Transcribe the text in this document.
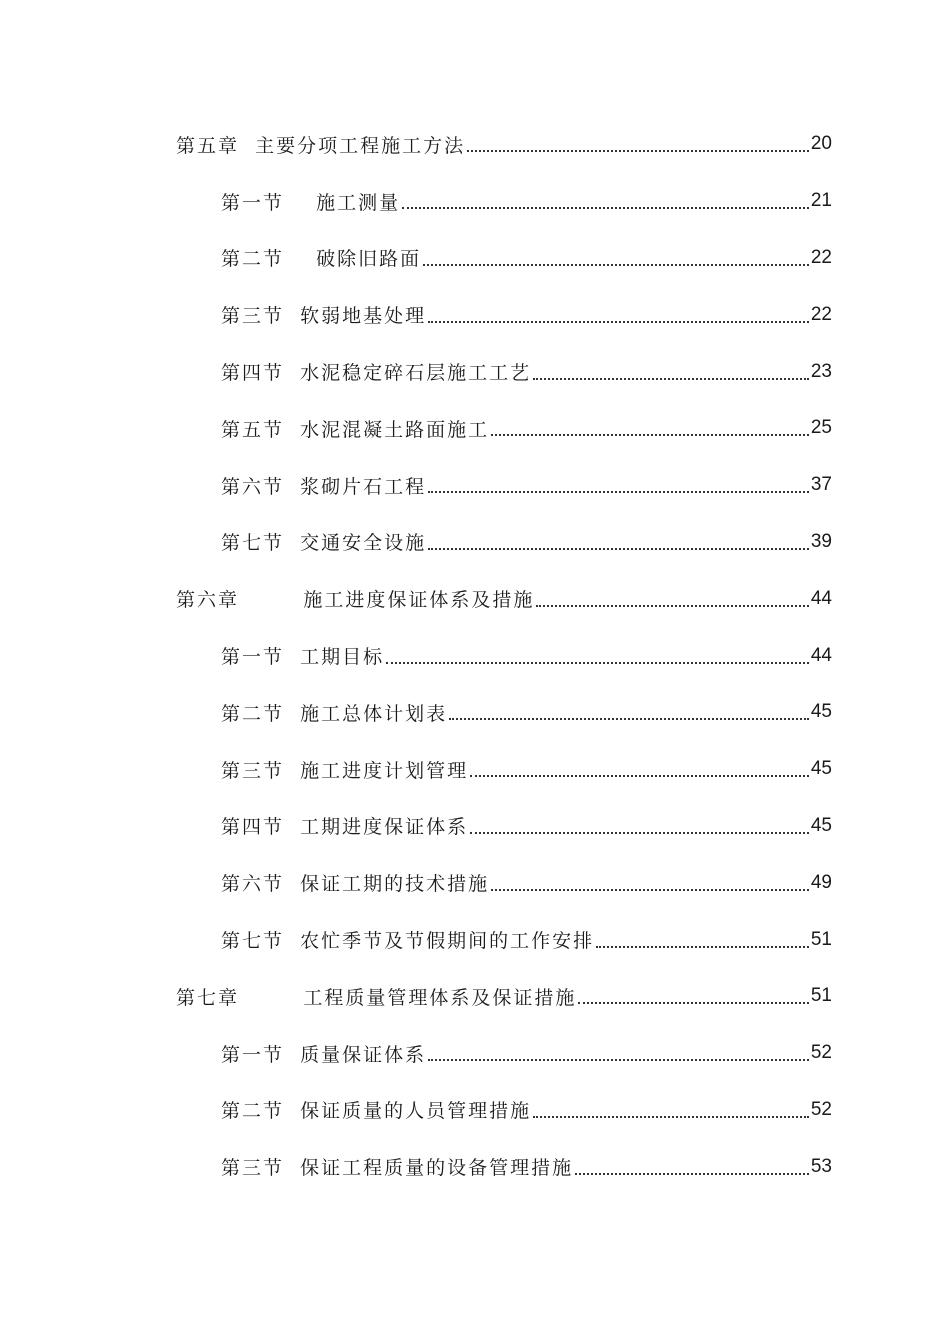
第五章  主要分项工程施工方法	20
第一节    施工测量	21
第二节    破除旧路面	22
第三节  软弱地基处理	22
第四节  水泥稳定碎石层施工工艺	23
第五节  水泥混凝土路面施工	25
第六节  浆砌片石工程	37
第七节  交通安全设施	39
第六章        施工进度保证体系及措施	44
第一节  工期目标	44
第二节  施工总体计划表	45
第三节  施工进度计划管理	45
第四节  工期进度保证体系	45
第六节  保证工期的技术措施	49
第七节  农忙季节及节假期间的工作安排	51
第七章        工程质量管理体系及保证措施	51
第一节  质量保证体系	52
第二节  保证质量的人员管理措施	52
第三节  保证工程质量的设备管理措施	53
